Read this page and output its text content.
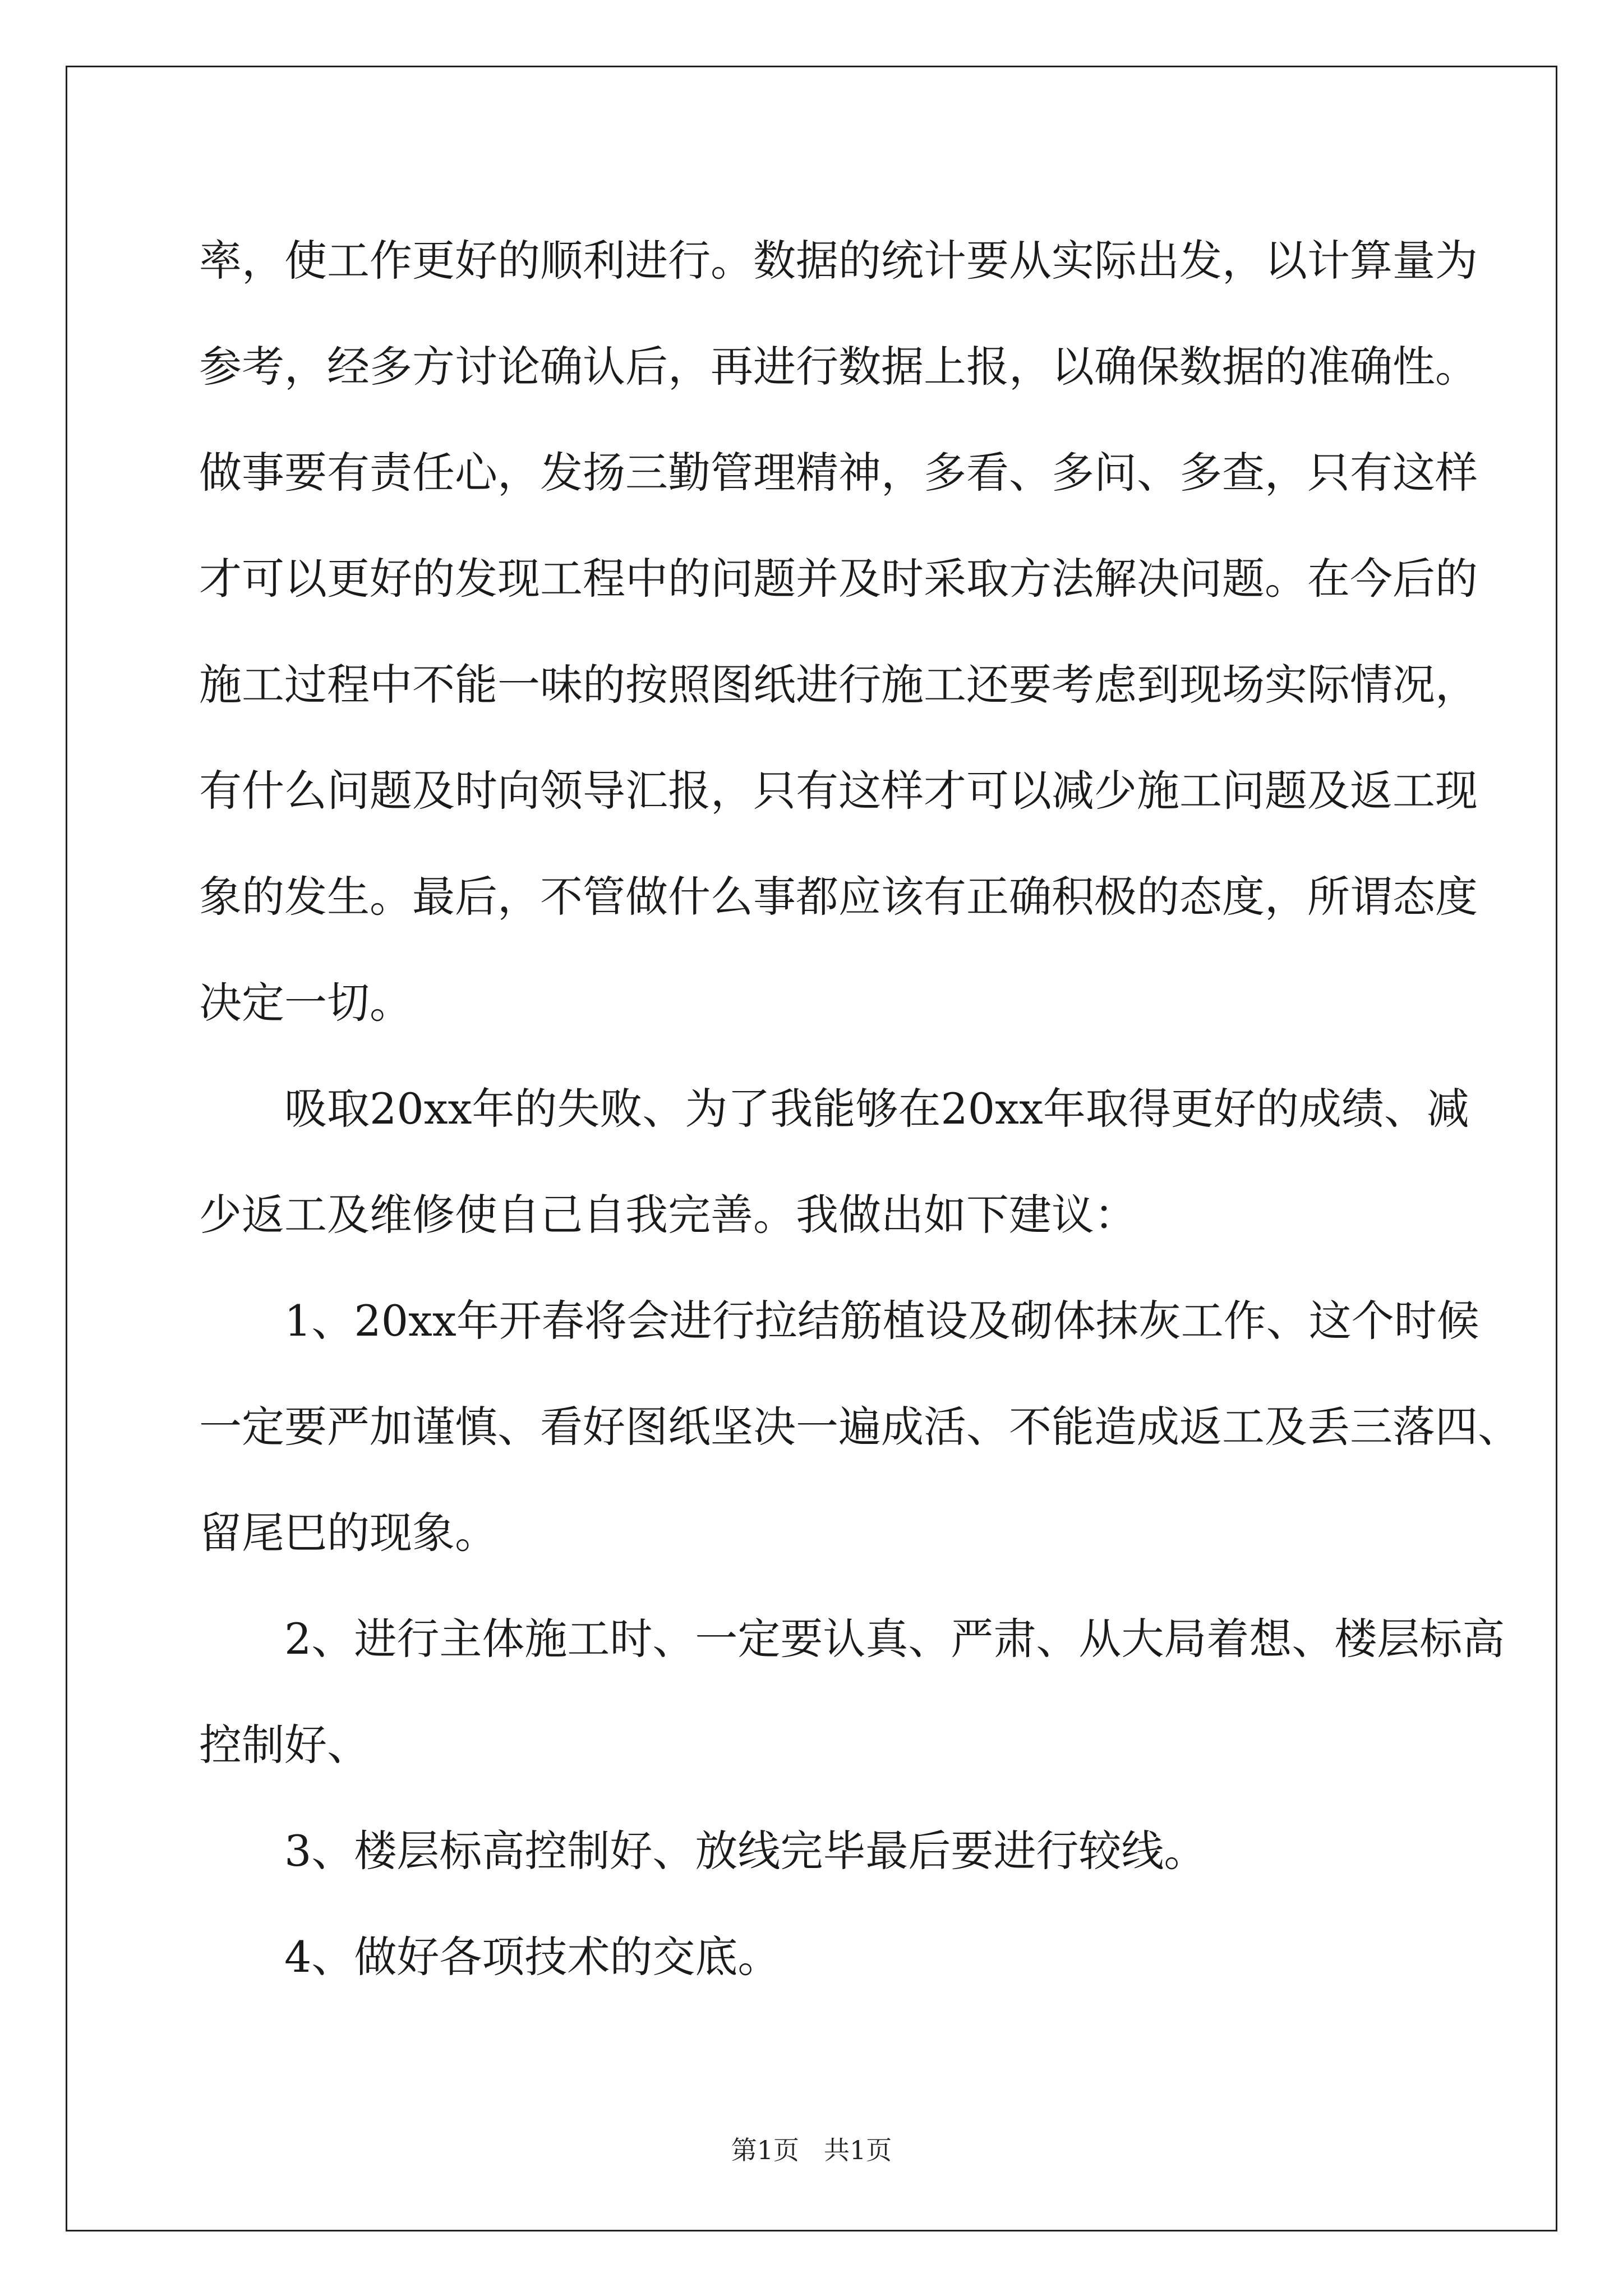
率，使工作更好的顺利进行。数据的统计要从实际出发，以计算量为

参考，经多方讨论确认后，再进行数据上报，以确保数据的准确性。

做事要有责任心，发扬三勤管理精神，多看、多问、多查，只有这样

才可以更好的发现工程中的问题并及时采取方法解决问题。在今后的

施工过程中不能一味的按照图纸进行施工还要考虑到现场实际情况，

有什么问题及时向领导汇报，只有这样才可以减少施工问题及返工现

象的发生。最后，不管做什么事都应该有正确积极的态度，所谓态度

决定一切。

吸取20xx年的失败、为了我能够在20xx年取得更好的成绩、减

少返工及维修使自己自我完善。我做出如下建议：

1、20xx年开春将会进行拉结筋植设及砌体抹灰工作、这个时候

一定要严加谨慎、看好图纸坚决一遍成活、不能造成返工及丢三落四、

留尾巴的现象。

2、进行主体施工时、一定要认真、严肃、从大局着想、楼层标高

控制好、

3、楼层标高控制好、放线完毕最后要进行较线。

4、做好各项技术的交底。

第1页 共1页
